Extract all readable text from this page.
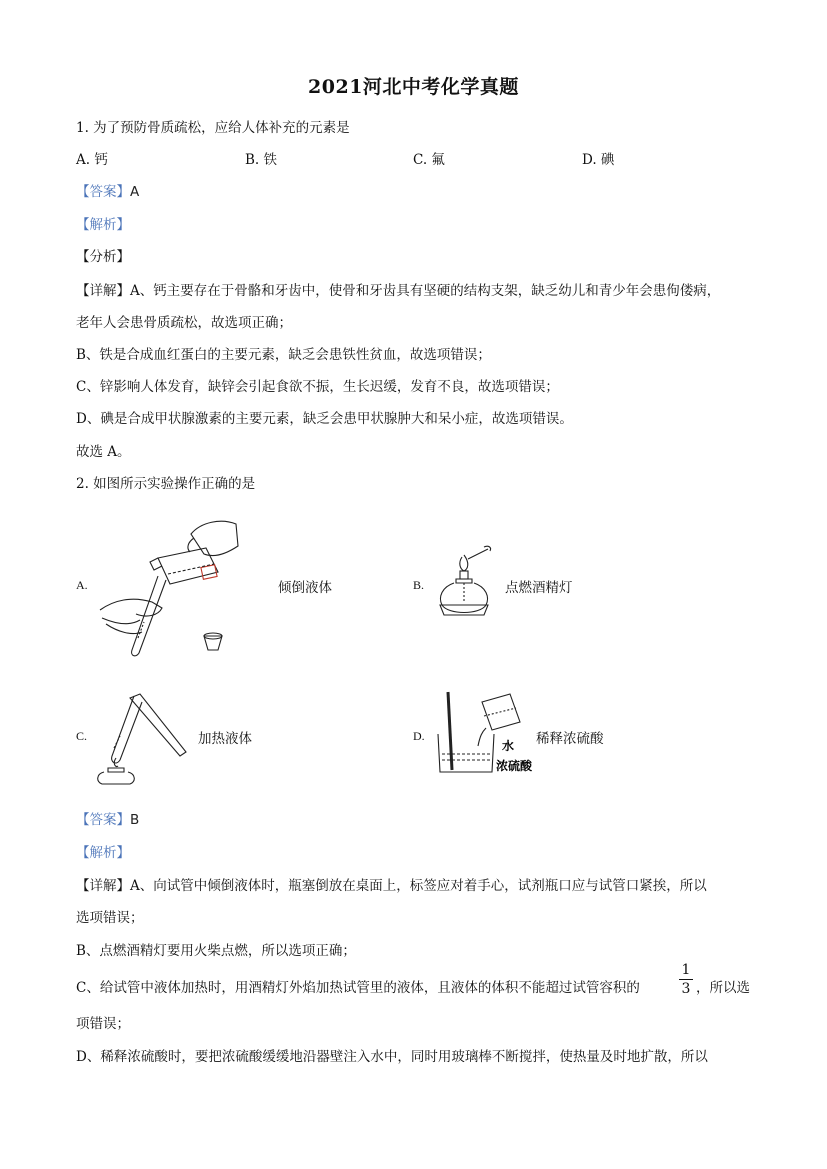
2021河北中考化学真题
1. 为了预防骨质疏松，应给人体补充的元素是
A. 钙	B. 铁	C. 氟	D. 碘
【答案】A
【解析】
【分析】
【详解】A、钙主要存在于骨骼和牙齿中，使骨和牙齿具有坚硬的结构支架，缺乏幼儿和青少年会患佝偻病，
老年人会患骨质疏松，故选项正确；
B、铁是合成血红蛋白的主要元素，缺乏会患铁性贫血，故选项错误；
C、锌影响人体发育，缺锌会引起食欲不振，生长迟缓，发育不良，故选项错误；
D、碘是合成甲状腺激素的主要元素，缺乏会患甲状腺肿大和呆小症，故选项错误。
故选 A。
2. 如图所示实验操作正确的是
A.	倾倒液体	B.	点燃酒精灯
C.	加热液体	D.
水
浓硫酸
稀释浓硫酸
【答案】B
【解析】
【详解】A、向试管中倾倒液体时，瓶塞倒放在桌面上，标签应对着手心，试剂瓶口应与试管口紧挨，所以
选项错误；
B、点燃酒精灯要用火柴点燃，所以选项正确；
C、给试管中液体加热时，用酒精灯外焰加热试管里的液体，且液体的体积不能超过试管容积的
1
3 ，所以选
项错误；
D、稀释浓硫酸时，要把浓硫酸缓缓地沿器壁注入水中，同时用玻璃棒不断搅拌，使热量及时地扩散，所以
